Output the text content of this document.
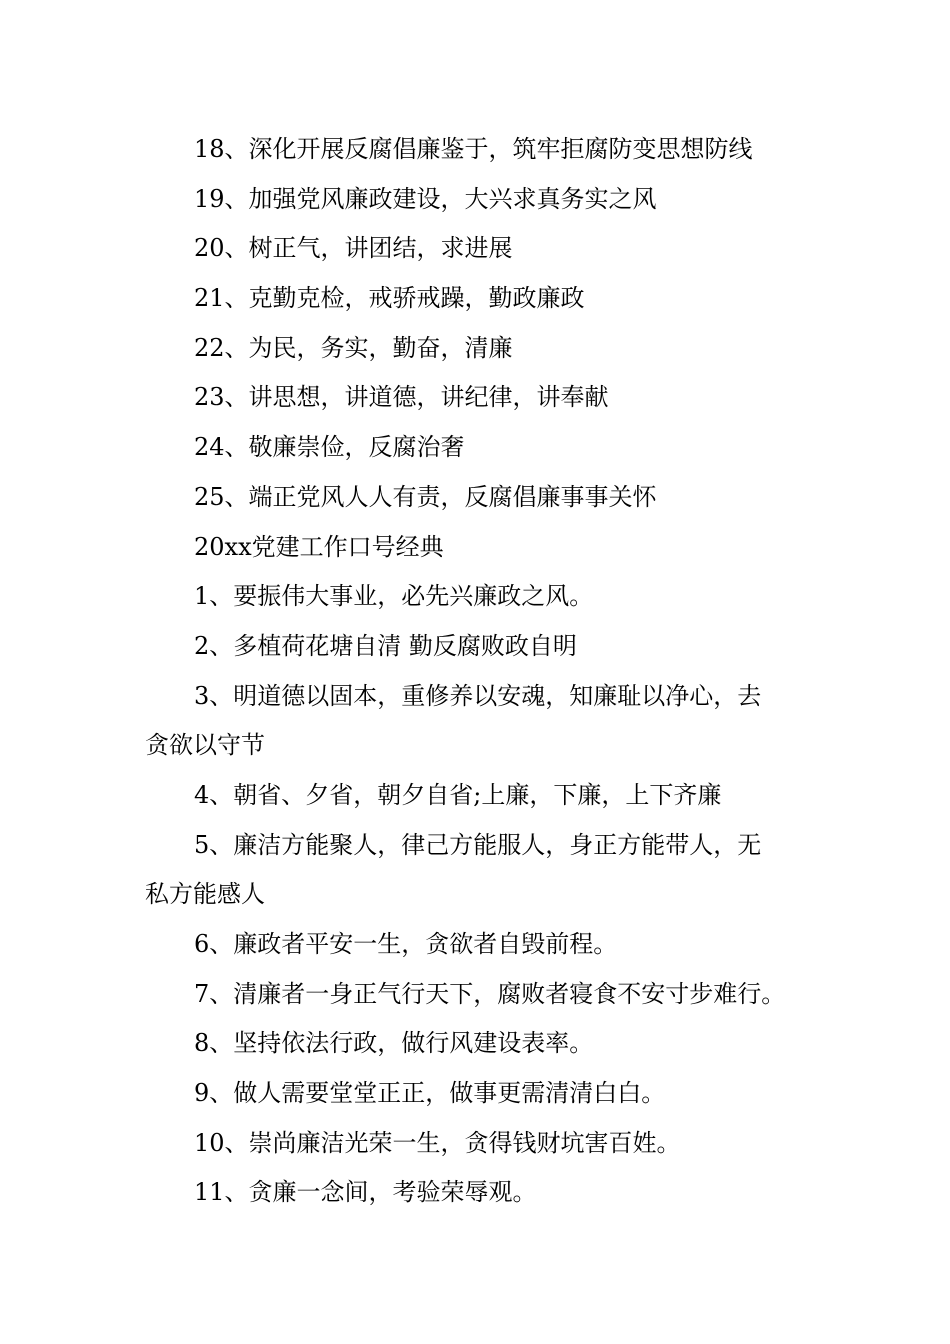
18、深化开展反腐倡廉鉴于，筑牢拒腐防变思想防线
19、加强党风廉政建设，大兴求真务实之风
20、树正气，讲团结，求进展
21、克勤克检，戒骄戒躁，勤政廉政
22、为民，务实，勤奋，清廉
23、讲思想，讲道德，讲纪律，讲奉献
24、敬廉崇俭，反腐治奢
25、端正党风人人有责，反腐倡廉事事关怀
20xx党建工作口号经典
1、要振伟大事业，必先兴廉政之风。
2、多植荷花塘自清 勤反腐败政自明
3、明道德以固本，重修养以安魂，知廉耻以净心，去
贪欲以守节
4、朝省、夕省，朝夕自省;上廉，下廉，上下齐廉
5、廉洁方能聚人，律己方能服人，身正方能带人，无
私方能感人
6、廉政者平安一生，贪欲者自毁前程。
7、清廉者一身正气行天下，腐败者寝食不安寸步难行。
8、坚持依法行政，做行风建设表率。
9、做人需要堂堂正正，做事更需清清白白。
10、崇尚廉洁光荣一生，贪得钱财坑害百姓。
11、贪廉一念间，考验荣辱观。
